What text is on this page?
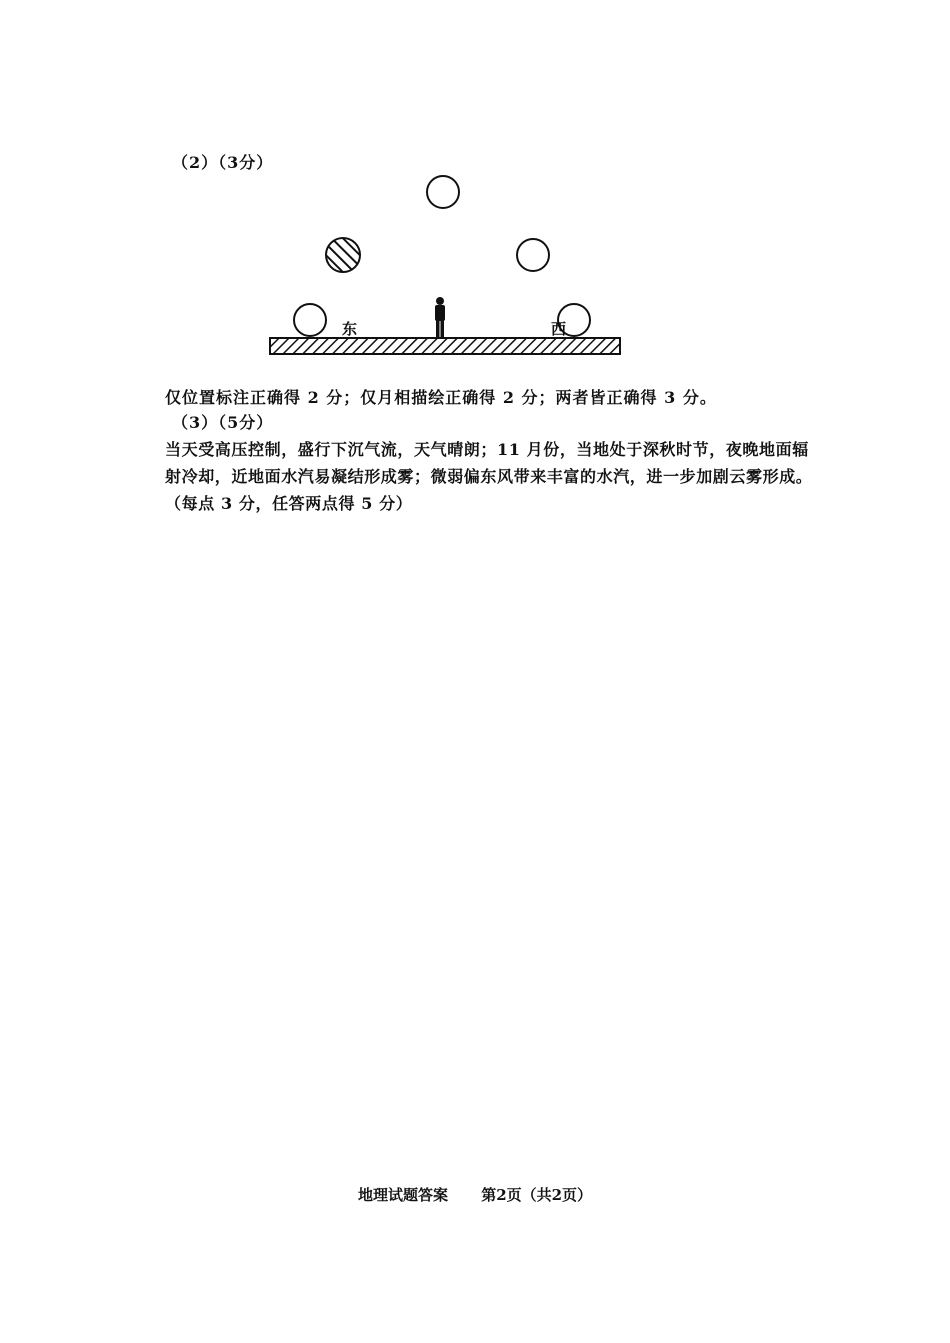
（2）（3分）
东	西
仅位置标注正确得 2 分；仅月相描绘正确得 2 分；两者皆正确得 3 分。
（3）（5分）
当天受高压控制，盛行下沉气流，天气晴朗；11 月份，当地处于深秋时节，夜晚地面辐射冷却，近地面水汽易凝结形成雾；微弱偏东风带来丰富的水汽，进一步加剧云雾形成。（每点 3 分，任答两点得 5 分）
地理试题答案 第2页（共2页）
